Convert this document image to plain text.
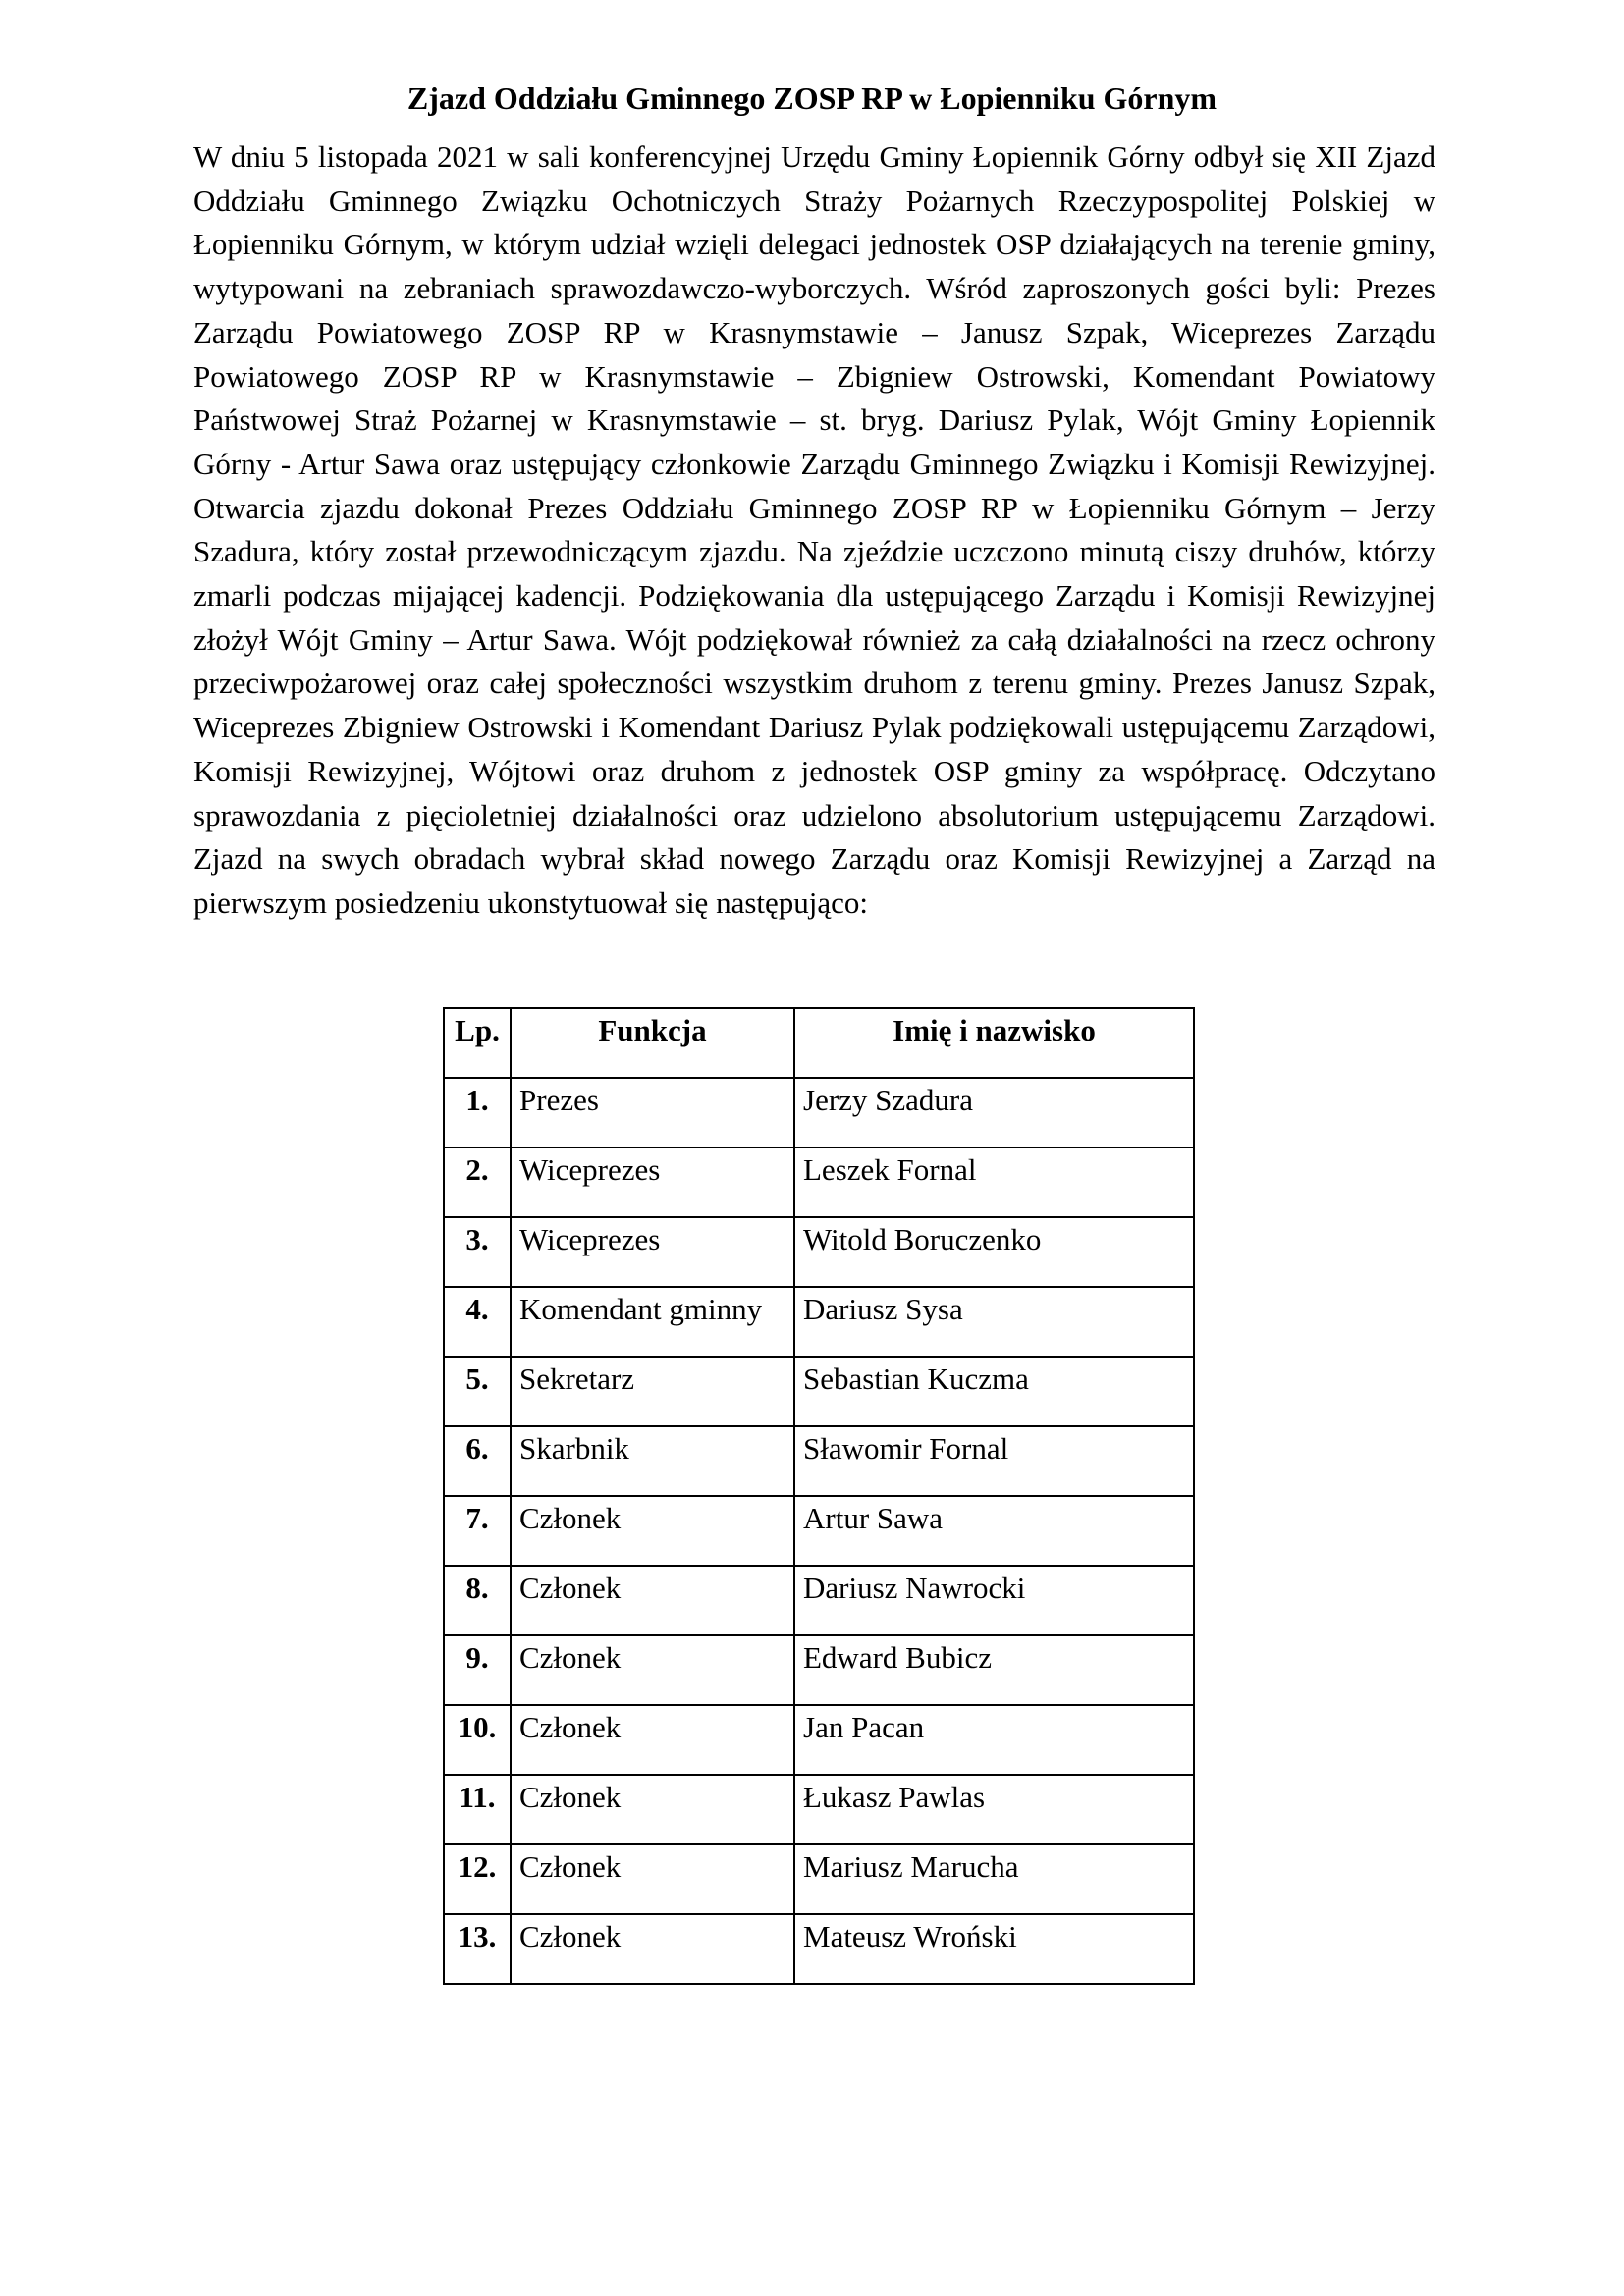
Zjazd Oddziału Gminnego ZOSP RP w Łopienniku Górnym

W dniu 5 listopada 2021 w sali konferencyjnej Urzędu Gminy Łopiennik Górny odbył się XII Zjazd Oddziału Gminnego Związku Ochotniczych Straży Pożarnych Rzeczypospolitej Polskiej w Łopienniku Górnym, w którym udział wzięli delegaci jednostek OSP działających na terenie gminy, wytypowani na zebraniach sprawozdawczo-wyborczych. Wśród zaproszonych gości byli: Prezes Zarządu Powiatowego ZOSP RP w Krasnymstawie – Janusz Szpak, Wiceprezes Zarządu Powiatowego ZOSP RP w Krasnymstawie – Zbigniew Ostrowski, Komendant Powiatowy Państwowej Straż Pożarnej w Krasnymstawie – st. bryg. Dariusz Pylak, Wójt Gminy Łopiennik Górny - Artur Sawa oraz ustępujący członkowie Zarządu Gminnego Związku i Komisji Rewizyjnej. Otwarcia zjazdu dokonał Prezes Oddziału Gminnego ZOSP RP w Łopienniku Górnym – Jerzy Szadura, który został przewodniczącym zjazdu. Na zjeździe uczczono minutą ciszy druhów, którzy zmarli podczas mijającej kadencji. Podziękowania dla ustępującego Zarządu i Komisji Rewizyjnej złożył Wójt Gminy – Artur Sawa. Wójt podziękował również za całą działalności na rzecz ochrony przeciwpożarowej oraz całej społeczności wszystkim druhom z terenu gminy. Prezes Janusz Szpak, Wiceprezes Zbigniew Ostrowski i Komendant Dariusz Pylak podziękowali ustępującemu Zarządowi, Komisji Rewizyjnej, Wójtowi oraz druhom z jednostek OSP gminy za współpracę. Odczytano sprawozdania z pięcioletniej działalności oraz udzielono absolutorium ustępującemu Zarządowi. Zjazd na swych obradach wybrał skład nowego Zarządu oraz Komisji Rewizyjnej a Zarząd na pierwszym posiedzeniu ukonstytuował się następująco:

Lp.	Funkcja	Imię i nazwisko
1.	Prezes	Jerzy Szadura
2.	Wiceprezes	Leszek Fornal
3.	Wiceprezes	Witold Boruczenko
4.	Komendant gminny	Dariusz Sysa
5.	Sekretarz	Sebastian Kuczma
6.	Skarbnik	Sławomir Fornal
7.	Członek	Artur Sawa
8.	Członek	Dariusz Nawrocki
9.	Członek	Edward Bubicz
10.	Członek	Jan Pacan
11.	Członek	Łukasz Pawlas
12.	Członek	Mariusz Marucha
13.	Członek	Mateusz Wroński
